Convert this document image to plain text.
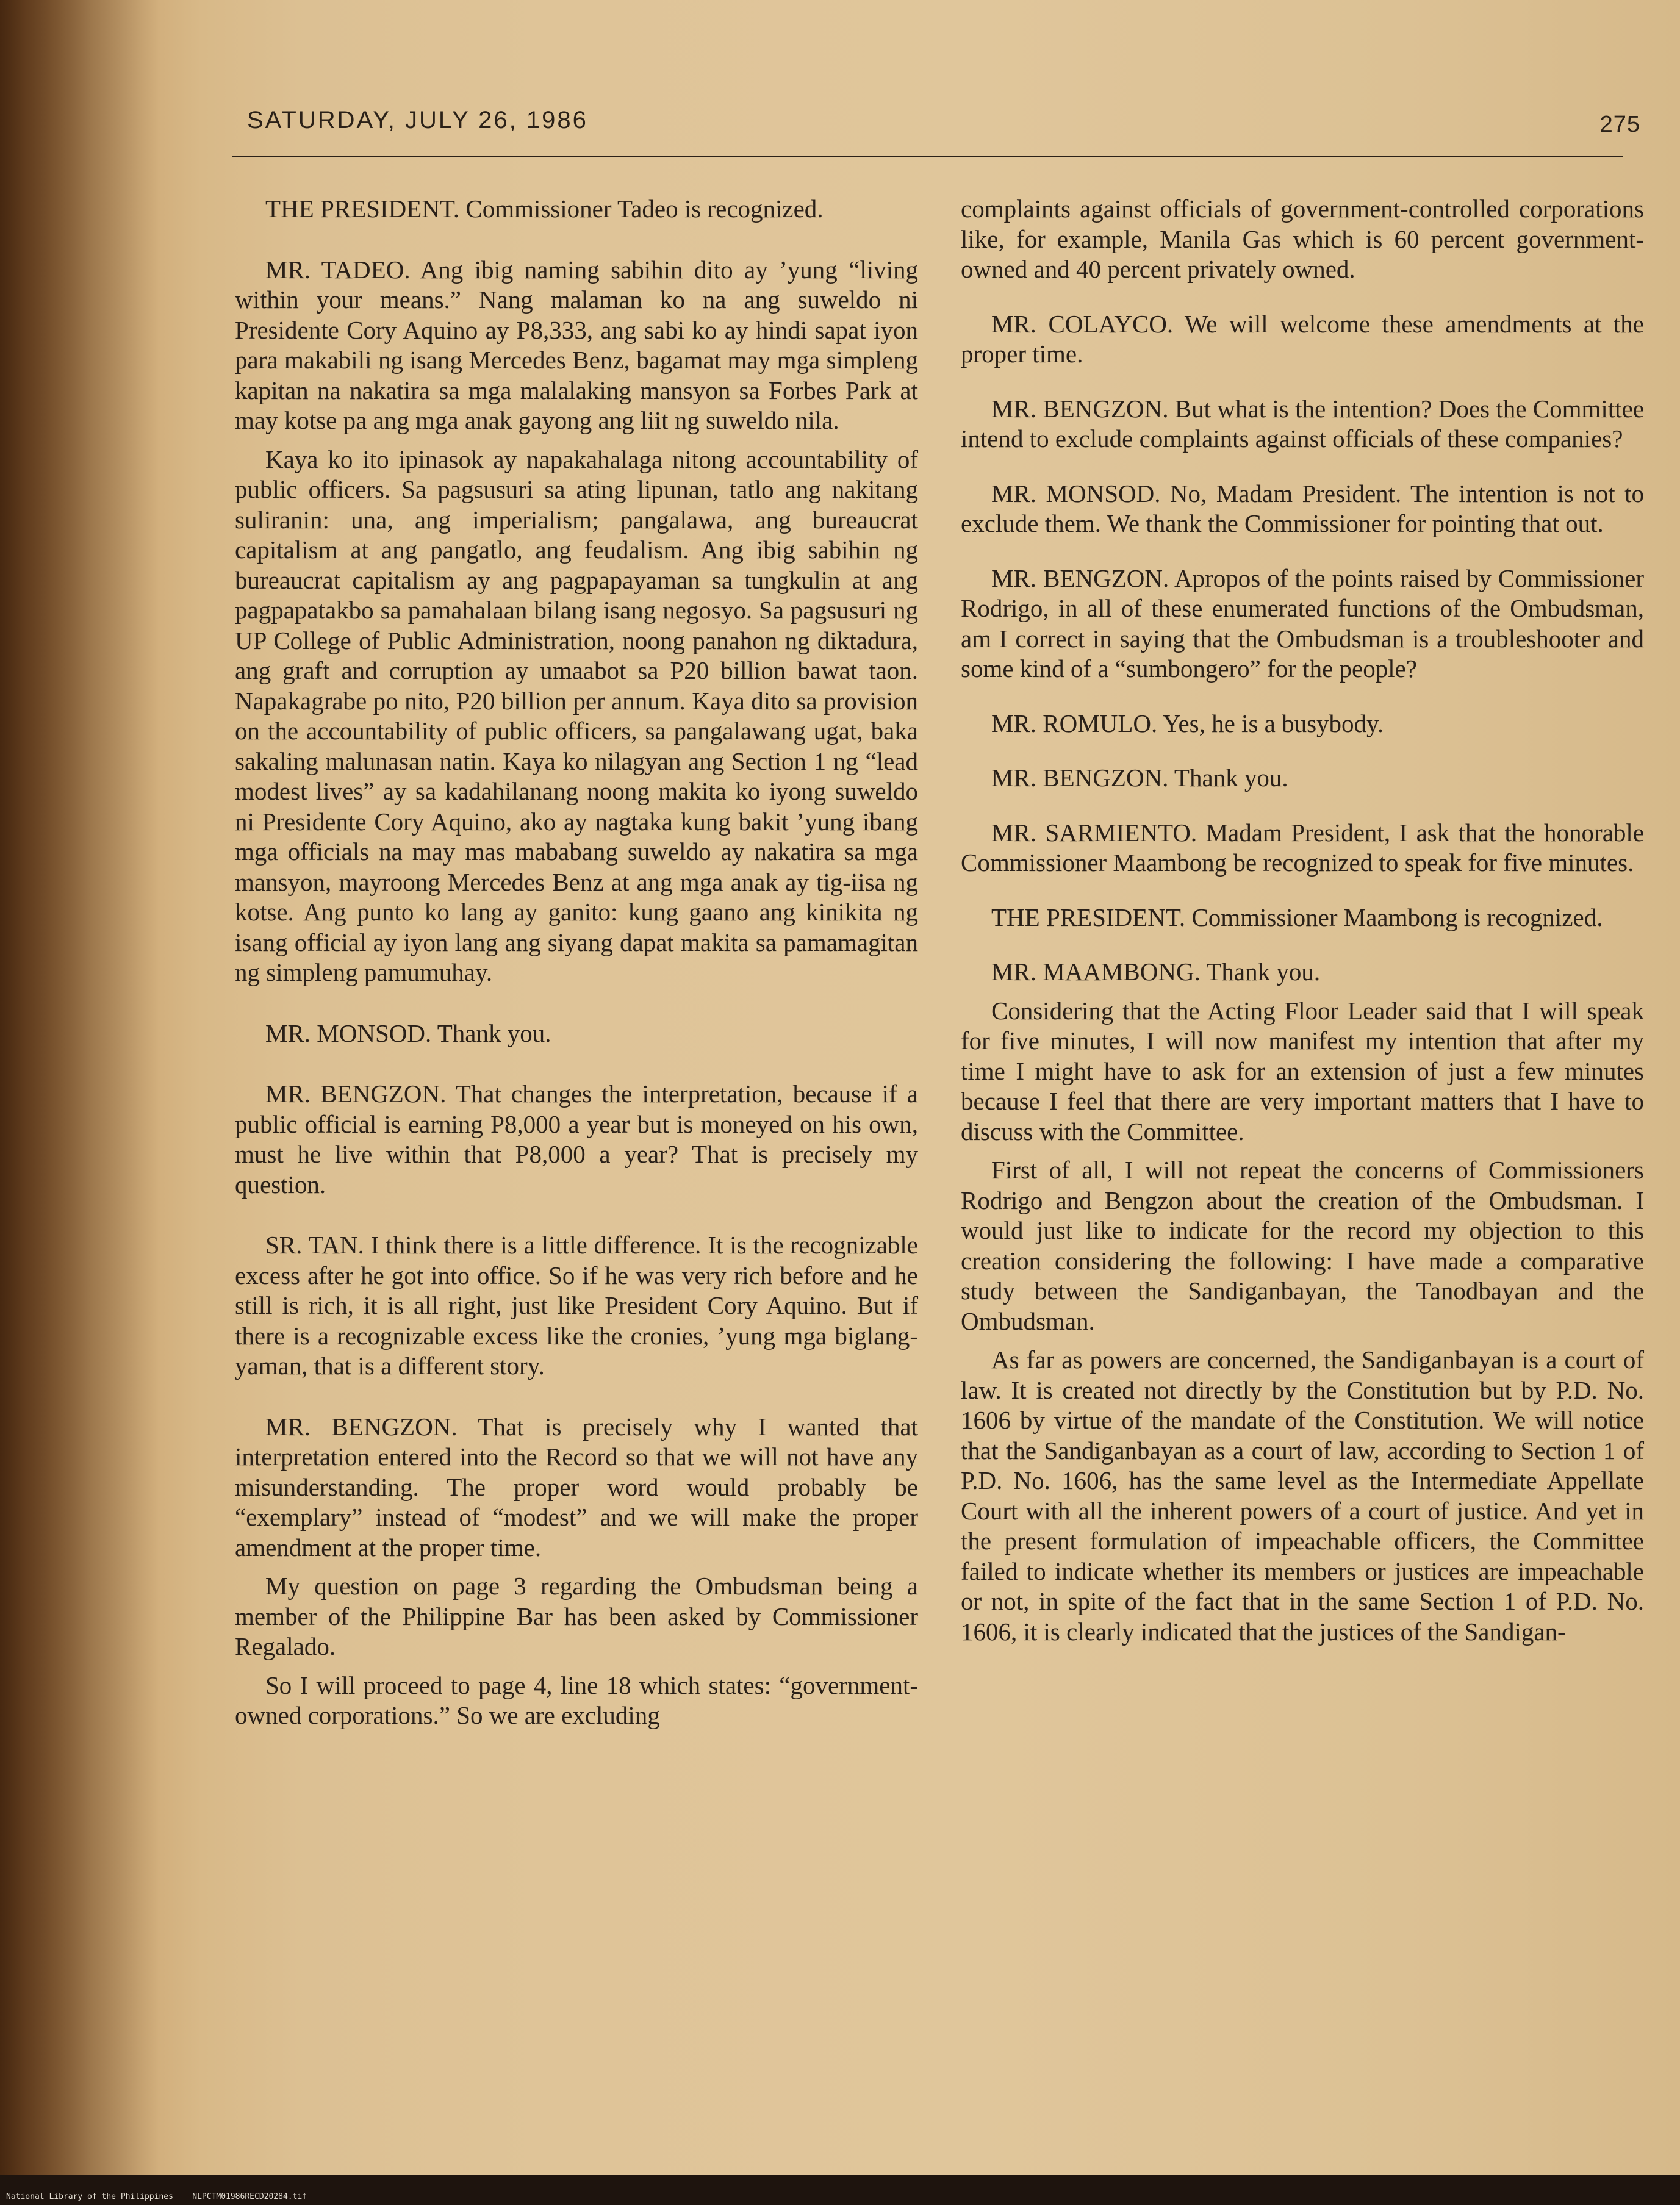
SATURDAY, JULY 26, 1986	275

THE PRESIDENT. Commissioner Tadeo is recognized.

MR. TADEO. Ang ibig naming sabihin dito ay ’yung “living within your means.” Nang malaman ko na ang suweldo ni Presidente Cory Aquino ay P8,333, ang sabi ko ay hindi sapat iyon para makabili ng isang Mercedes Benz, bagamat may mga simpleng kapitan na nakatira sa mga malalaking mansyon sa Forbes Park at may kotse pa ang mga anak gayong ang liit ng suweldo nila.

Kaya ko ito ipinasok ay napakahalaga nitong accountability of public officers. Sa pagsusuri sa ating lipunan, tatlo ang nakitang suliranin: una, ang imperialism; pangalawa, ang bureaucrat capitalism at ang pangatlo, ang feudalism. Ang ibig sabihin ng bureaucrat capitalism ay ang pagpapayaman sa tungkulin at ang pagpapatakbo sa pamahalaan bilang isang negosyo. Sa pagsusuri ng UP College of Public Administration, noong panahon ng diktadura, ang graft and corruption ay umaabot sa P20 billion bawat taon. Napakagrabe po nito, P20 billion per annum. Kaya dito sa provision on the accountability of public officers, sa pangalawang ugat, baka sakaling malunasan natin. Kaya ko nilagyan ang Section 1 ng “lead modest lives” ay sa kadahilanang noong makita ko iyong suweldo ni Presidente Cory Aquino, ako ay nagtaka kung bakit ’yung ibang mga officials na may mas mababang suweldo ay nakatira sa mga mansyon, mayroong Mercedes Benz at ang mga anak ay tig-iisa ng kotse. Ang punto ko lang ay ganito: kung gaano ang kinikita ng isang official ay iyon lang ang siyang dapat makita sa pamamagitan ng simpleng pamumuhay.

MR. MONSOD. Thank you.

MR. BENGZON. That changes the interpretation, because if a public official is earning P8,000 a year but is moneyed on his own, must he live within that P8,000 a year? That is precisely my question.

SR. TAN. I think there is a little difference. It is the recognizable excess after he got into office. So if he was very rich before and he still is rich, it is all right, just like President Cory Aquino. But if there is a recognizable excess like the cronies, ’yung mga biglang-yaman, that is a different story.

MR. BENGZON. That is precisely why I wanted that interpretation entered into the Record so that we will not have any misunderstanding. The proper word would probably be “exemplary” instead of “modest” and we will make the proper amendment at the proper time.

My question on page 3 regarding the Ombudsman being a member of the Philippine Bar has been asked by Commissioner Regalado.

So I will proceed to page 4, line 18 which states: “government-owned corporations.” So we are excluding

complaints against officials of government-controlled corporations like, for example, Manila Gas which is 60 percent government-owned and 40 percent privately owned.

MR. COLAYCO. We will welcome these amendments at the proper time.

MR. BENGZON. But what is the intention? Does the Committee intend to exclude complaints against officials of these companies?

MR. MONSOD. No, Madam President. The intention is not to exclude them. We thank the Commissioner for pointing that out.

MR. BENGZON. Apropos of the points raised by Commissioner Rodrigo, in all of these enumerated functions of the Ombudsman, am I correct in saying that the Ombudsman is a troubleshooter and some kind of a “sumbongero” for the people?

MR. ROMULO. Yes, he is a busybody.

MR. BENGZON. Thank you.

MR. SARMIENTO. Madam President, I ask that the honorable Commissioner Maambong be recognized to speak for five minutes.

THE PRESIDENT. Commissioner Maambong is recognized.

MR. MAAMBONG. Thank you.

Considering that the Acting Floor Leader said that I will speak for five minutes, I will now manifest my intention that after my time I might have to ask for an extension of just a few minutes because I feel that there are very important matters that I have to discuss with the Committee.

First of all, I will not repeat the concerns of Commissioners Rodrigo and Bengzon about the creation of the Ombudsman. I would just like to indicate for the record my objection to this creation considering the following: I have made a comparative study between the Sandiganbayan, the Tanodbayan and the Ombudsman.

As far as powers are concerned, the Sandiganbayan is a court of law. It is created not directly by the Constitution but by P.D. No. 1606 by virtue of the mandate of the Constitution. We will notice that the Sandiganbayan as a court of law, according to Section 1 of P.D. No. 1606, has the same level as the Intermediate Appellate Court with all the inherent powers of a court of justice. And yet in the present formulation of impeachable officers, the Committee failed to indicate whether its members or justices are impeachable or not, in spite of the fact that in the same Section 1 of P.D. No. 1606, it is clearly indicated that the justices of the Sandigan-

National Library of the Philippines    NLPCTM01986RECD20284.tif
